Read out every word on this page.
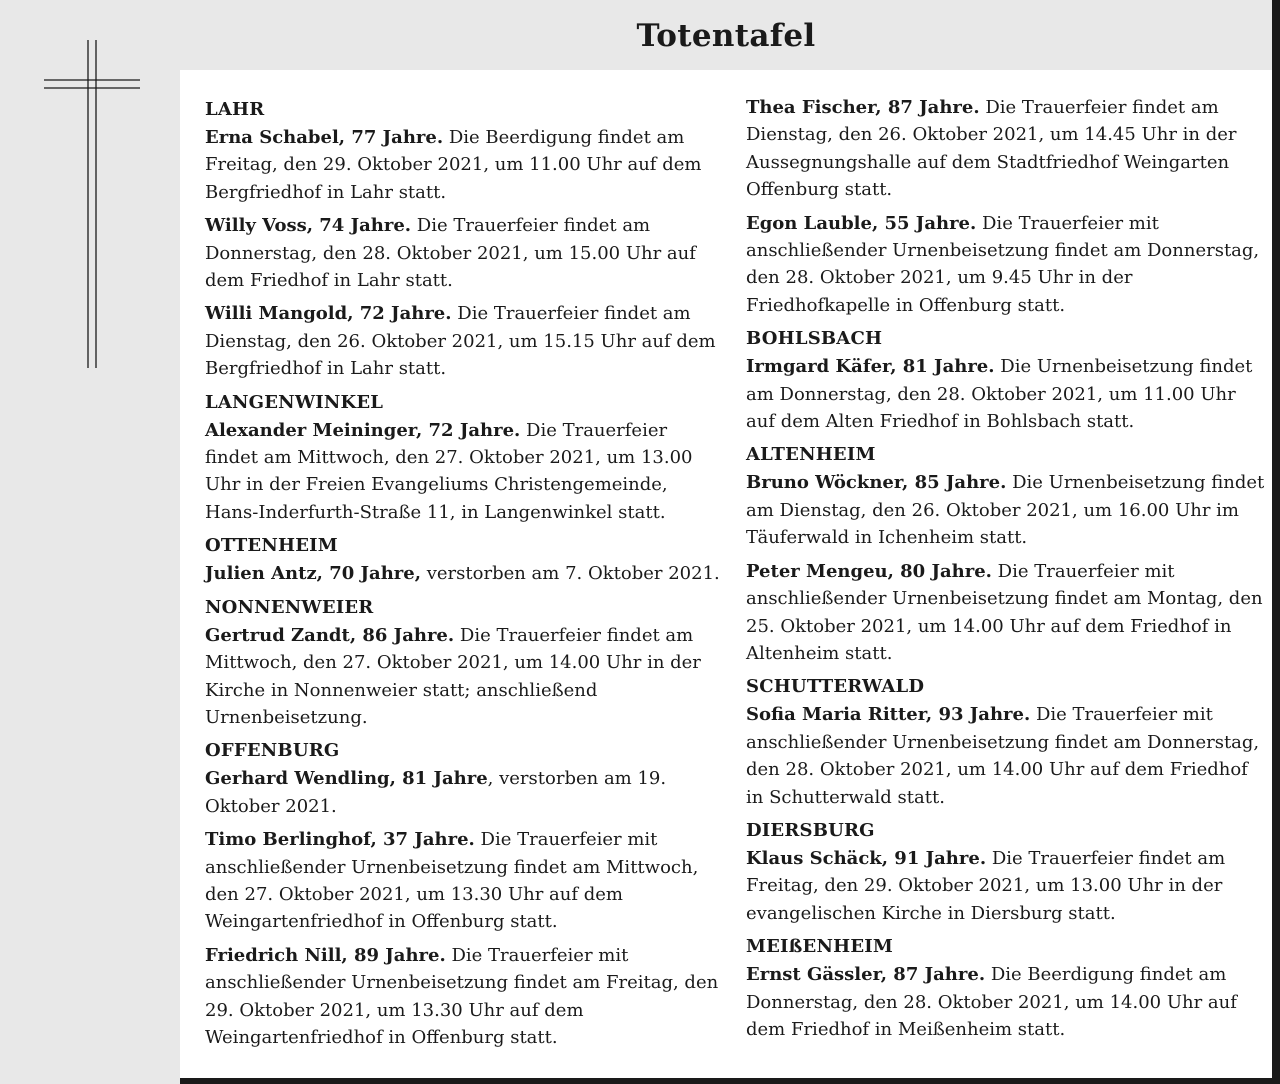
Totentafel
LAHR
Erna Schabel, 77 Jahre. Die Beerdigung findet am Freitag, den 29. Oktober 2021, um 11.00 Uhr auf dem Bergfriedhof in Lahr statt.
Willy Voss, 74 Jahre. Die Trauerfeier findet am Donnerstag, den 28. Oktober 2021, um 15.00 Uhr auf dem Friedhof in Lahr statt.
Willi Mangold, 72 Jahre. Die Trauerfeier findet am Dienstag, den 26. Oktober 2021, um 15.15 Uhr auf dem Bergfriedhof in Lahr statt.
LANGENWINKEL
Alexander Meininger, 72 Jahre. Die Trauerfeier findet am Mittwoch, den 27. Oktober 2021, um 13.00 Uhr in der Freien Evangeliums Christengemeinde, Hans-Inderfurth-Straße 11, in Langenwinkel statt.
OTTENHEIM
Julien Antz, 70 Jahre, verstorben am 7. Oktober 2021.
NONNENWEIER
Gertrud Zandt, 86 Jahre. Die Trauerfeier findet am Mittwoch, den 27. Oktober 2021, um 14.00 Uhr in der Kirche in Nonnenweier statt; anschließend Urnenbeisetzung.
OFFENBURG
Gerhard Wendling, 81 Jahre, verstorben am 19. Oktober 2021.
Timo Berlinghof, 37 Jahre. Die Trauerfeier mit anschließender Urnenbeisetzung findet am Mittwoch, den 27. Oktober 2021, um 13.30 Uhr auf dem Weingartenfriedhof in Offenburg statt.
Friedrich Nill, 89 Jahre. Die Trauerfeier mit anschließender Urnenbeisetzung findet am Freitag, den 29. Oktober 2021, um 13.30 Uhr auf dem Weingartenfriedhof in Offenburg statt.
Thea Fischer, 87 Jahre. Die Trauerfeier findet am Dienstag, den 26. Oktober 2021, um 14.45 Uhr in der Aussegnungshalle auf dem Stadtfriedhof Weingarten Offenburg statt.
Egon Lauble, 55 Jahre. Die Trauerfeier mit anschließender Urnenbeisetzung findet am Donnerstag, den 28. Oktober 2021, um 9.45 Uhr in der Friedhofkapelle in Offenburg statt.
BOHLSBACH
Irmgard Käfer, 81 Jahre. Die Urnenbeisetzung findet am Donnerstag, den 28. Oktober 2021, um 11.00 Uhr auf dem Alten Friedhof in Bohlsbach statt.
ALTENHEIM
Bruno Wöckner, 85 Jahre. Die Urnenbeisetzung findet am Dienstag, den 26. Oktober 2021, um 16.00 Uhr im Täuferwald in Ichenheim statt.
Peter Mengeu, 80 Jahre. Die Trauerfeier mit anschließender Urnenbeisetzung findet am Montag, den 25. Oktober 2021, um 14.00 Uhr auf dem Friedhof in Altenheim statt.
SCHUTTERWALD
Sofia Maria Ritter, 93 Jahre. Die Trauerfeier mit anschließender Urnenbeisetzung findet am Donnerstag, den 28. Oktober 2021, um 14.00 Uhr auf dem Friedhof in Schutterwald statt.
DIERSBURG
Klaus Schäck, 91 Jahre. Die Trauerfeier findet am Freitag, den 29. Oktober 2021, um 13.00 Uhr in der evangelischen Kirche in Diersburg statt.
MEIßENHEIM
Ernst Gässler, 87 Jahre. Die Beerdigung findet am Donnerstag, den 28. Oktober 2021, um 14.00 Uhr auf dem Friedhof in Meißenheim statt.
